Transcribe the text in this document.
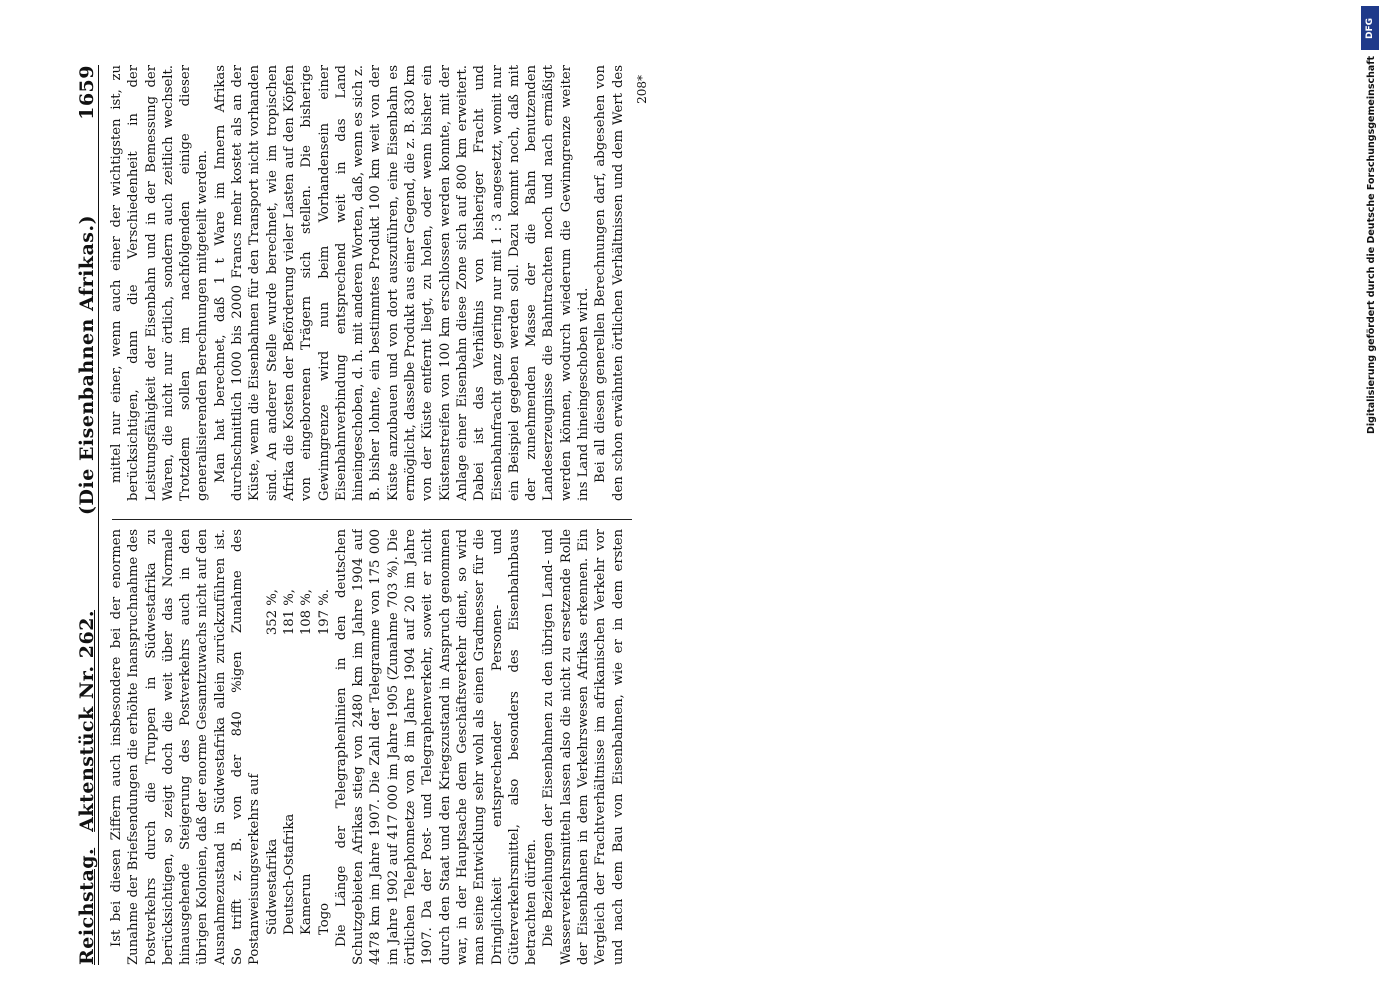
Reichstag.
Aktenstück Nr. 262.
(Die Eisenbahnen Afrikas.)
1659

Ist bei diesen Ziffern auch insbesondere bei der enormen Zunahme der Briefsendungen die erhöhte Inanspruchnahme des Postverkehrs durch die Truppen in Südwestafrika zu berücksichtigen, so zeigt doch die weit über das Normale hinausgehende Steigerung des Postverkehrs auch in den übrigen Kolonien, daß der enorme Gesamtzuwachs nicht auf den Ausnahmezustand in Südwestafrika allein zurückzuführen ist. So trifft z. B. von der 840 %igen Zunahme des Postanweisungsverkehrs auf Südwestafrika
352 %,
Deutsch-Ostafrika
181 %,
Kamerun
108 %,
Togo
197 %. Die Länge der Telegraphenlinien in den deutschen Schutzgebieten Afrikas stieg von 2480 km im Jahre 1904 auf 4478 km im Jahre 1907. Die Zahl der Telegramme von 175 000 im Jahre 1902 auf 417 000 im Jahre 1905 (Zunahme 703 %). Die örtlichen Telephonnetze von 8 im Jahre 1904 auf 20 im Jahre 1907. Da der Post- und Telegraphenverkehr, soweit er nicht durch den Staat und den Kriegszustand in Anspruch genommen war, in der Hauptsache dem Geschäftsverkehr dient, so wird man seine Entwicklung sehr wohl als einen Gradmesser für die Dringlichkeit entsprechender Personen- und Güterverkehrsmittel, also besonders des Eisenbahnbaus betrachten dürfen. Die Beziehungen der Eisenbahnen zu den übrigen Land- und Wasserverkehrsmitteln lassen also die nicht zu ersetzende Rolle der Eisenbahnen in dem Verkehrswesen Afrikas erkennen. Ein Vergleich der Frachtverhältnisse im afrikanischen Verkehr vor und nach dem Bau von Eisenbahnen, wie er in dem ersten

mittel nur einer, wenn auch einer der wichtigsten ist, zu berücksichtigen, dann die Verschiedenheit in der Leistungsfähigkeit der Eisenbahn und in der Bemessung der Waren, die nicht nur örtlich, sondern auch zeitlich wechselt. Trotzdem sollen im nachfolgenden einige dieser generalisierenden Berechnungen mitgeteilt werden. Man hat berechnet, daß 1 t Ware im Innern Afrikas durchschnittlich 1000 bis 2000 Francs mehr kostet als an der Küste, wenn die Eisenbahnen für den Transport nicht vorhanden sind. An anderer Stelle wurde berechnet, wie im tropischen Afrika die Kosten der Beförderung vieler Lasten auf den Köpfen von eingeborenen Trägern sich stellen. Die bisherige Gewinngrenze wird nun beim Vorhandensein einer Eisenbahnverbindung entsprechend weit in das Land hineingeschoben, d. h. mit anderen Worten, daß, wenn es sich z. B. bisher lohnte, ein bestimmtes Produkt 100 km weit von der Küste anzubauen und von dort auszuführen, eine Eisenbahn es ermöglicht, dasselbe Produkt aus einer Gegend, die z. B. 830 km von der Küste entfernt liegt, zu holen, oder wenn bisher ein Küstenstreifen von 100 km erschlossen werden konnte, mit der Anlage einer Eisenbahn diese Zone sich auf 800 km erweitert. Dabei ist das Verhältnis von bisheriger Fracht und Eisenbahnfracht ganz gering nur mit 1 : 3 angesetzt, womit nur ein Beispiel gegeben werden soll. Dazu kommt noch, daß mit der zunehmenden Masse der die Bahn benutzenden Landeserzeugnisse die Bahntrachten noch und nach ermäßigt werden können, wodurch wiederum die Gewinngrenze weiter ins Land hineingeschoben wird. Bei all diesen generellen Berechnungen darf, abgesehen von den schon erwähnten örtlichen Verhältnissen und dem Wert des 208*
DFG
Digitalisierung gefördert durch die Deutsche Forschungsgemeinschaft
